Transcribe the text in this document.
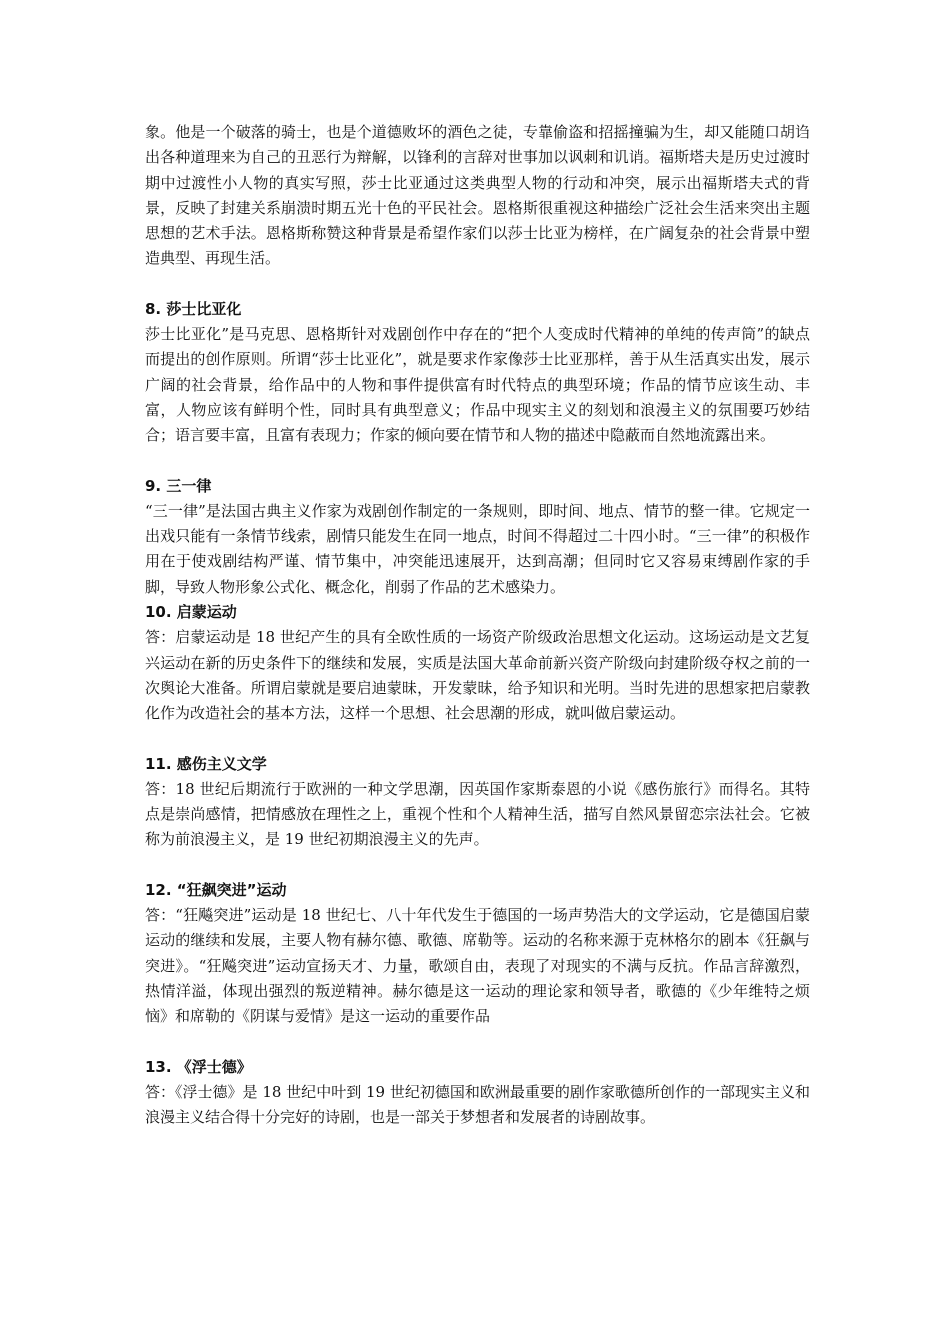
象。他是一个破落的骑士，也是个道德败坏的酒色之徒，专靠偷盗和招摇撞骗为生，却又能随口胡诌出各种道理来为自己的丑恶行为辩解，以锋利的言辞对世事加以讽刺和讥诮。福斯塔夫是历史过渡时期中过渡性小人物的真实写照，莎士比亚通过这类典型人物的行动和冲突，展示出福斯塔夫式的背景，反映了封建关系崩溃时期五光十色的平民社会。恩格斯很重视这种描绘广泛社会生活来突出主题思想的艺术手法。恩格斯称赞这种背景是希望作家们以莎士比亚为榜样，在广阔复杂的社会背景中塑造典型、再现生活。

8. 莎士比亚化

莎士比亚化”是马克思、恩格斯针对戏剧创作中存在的“把个人变成时代精神的单纯的传声筒”的缺点而提出的创作原则。所谓“莎士比亚化”，就是要求作家像莎士比亚那样，善于从生活真实出发，展示广阔的社会背景，给作品中的人物和事件提供富有时代特点的典型环境；作品的情节应该生动、丰富，人物应该有鲜明个性，同时具有典型意义；作品中现实主义的刻划和浪漫主义的氛围要巧妙结合；语言要丰富，且富有表现力；作家的倾向要在情节和人物的描述中隐蔽而自然地流露出来。

9. 三一律

“三一律”是法国古典主义作家为戏剧创作制定的一条规则，即时间、地点、情节的整一律。它规定一出戏只能有一条情节线索，剧情只能发生在同一地点，时间不得超过二十四小时。“三一律”的积极作用在于使戏剧结构严谨、情节集中，冲突能迅速展开，达到高潮；但同时它又容易束缚剧作家的手脚，导致人物形象公式化、概念化，削弱了作品的艺术感染力。

10. 启蒙运动

答：启蒙运动是 18 世纪产生的具有全欧性质的一场资产阶级政治思想文化运动。这场运动是文艺复兴运动在新的历史条件下的继续和发展，实质是法国大革命前新兴资产阶级向封建阶级夺权之前的一次舆论大准备。所谓启蒙就是要启迪蒙昧，开发蒙昧，给予知识和光明。当时先进的思想家把启蒙教化作为改造社会的基本方法，这样一个思想、社会思潮的形成，就叫做启蒙运动。

11. 感伤主义文学

答：18 世纪后期流行于欧洲的一种文学思潮，因英国作家斯泰恩的小说《感伤旅行》而得名。其特点是崇尚感情，把情感放在理性之上，重视个性和个人精神生活，描写自然风景留恋宗法社会。它被称为前浪漫主义，是 19 世纪初期浪漫主义的先声。

12. “狂飙突进”运动

答：“狂飚突进”运动是 18 世纪七、八十年代发生于德国的一场声势浩大的文学运动，它是德国启蒙运动的继续和发展，主要人物有赫尔德、歌德、席勒等。运动的名称来源于克林格尔的剧本《狂飙与突进》。“狂飚突进”运动宣扬天才、力量，歌颂自由，表现了对现实的不满与反抗。作品言辞激烈，热情洋溢，体现出强烈的叛逆精神。赫尔德是这一运动的理论家和领导者，歌德的《少年维特之烦恼》和席勒的《阴谋与爱情》是这一运动的重要作品

13. 《浮士德》

答：《浮士德》是 18 世纪中叶到 19 世纪初德国和欧洲最重要的剧作家歌德所创作的一部现实主义和浪漫主义结合得十分完好的诗剧，也是一部关于梦想者和发展者的诗剧故事。
